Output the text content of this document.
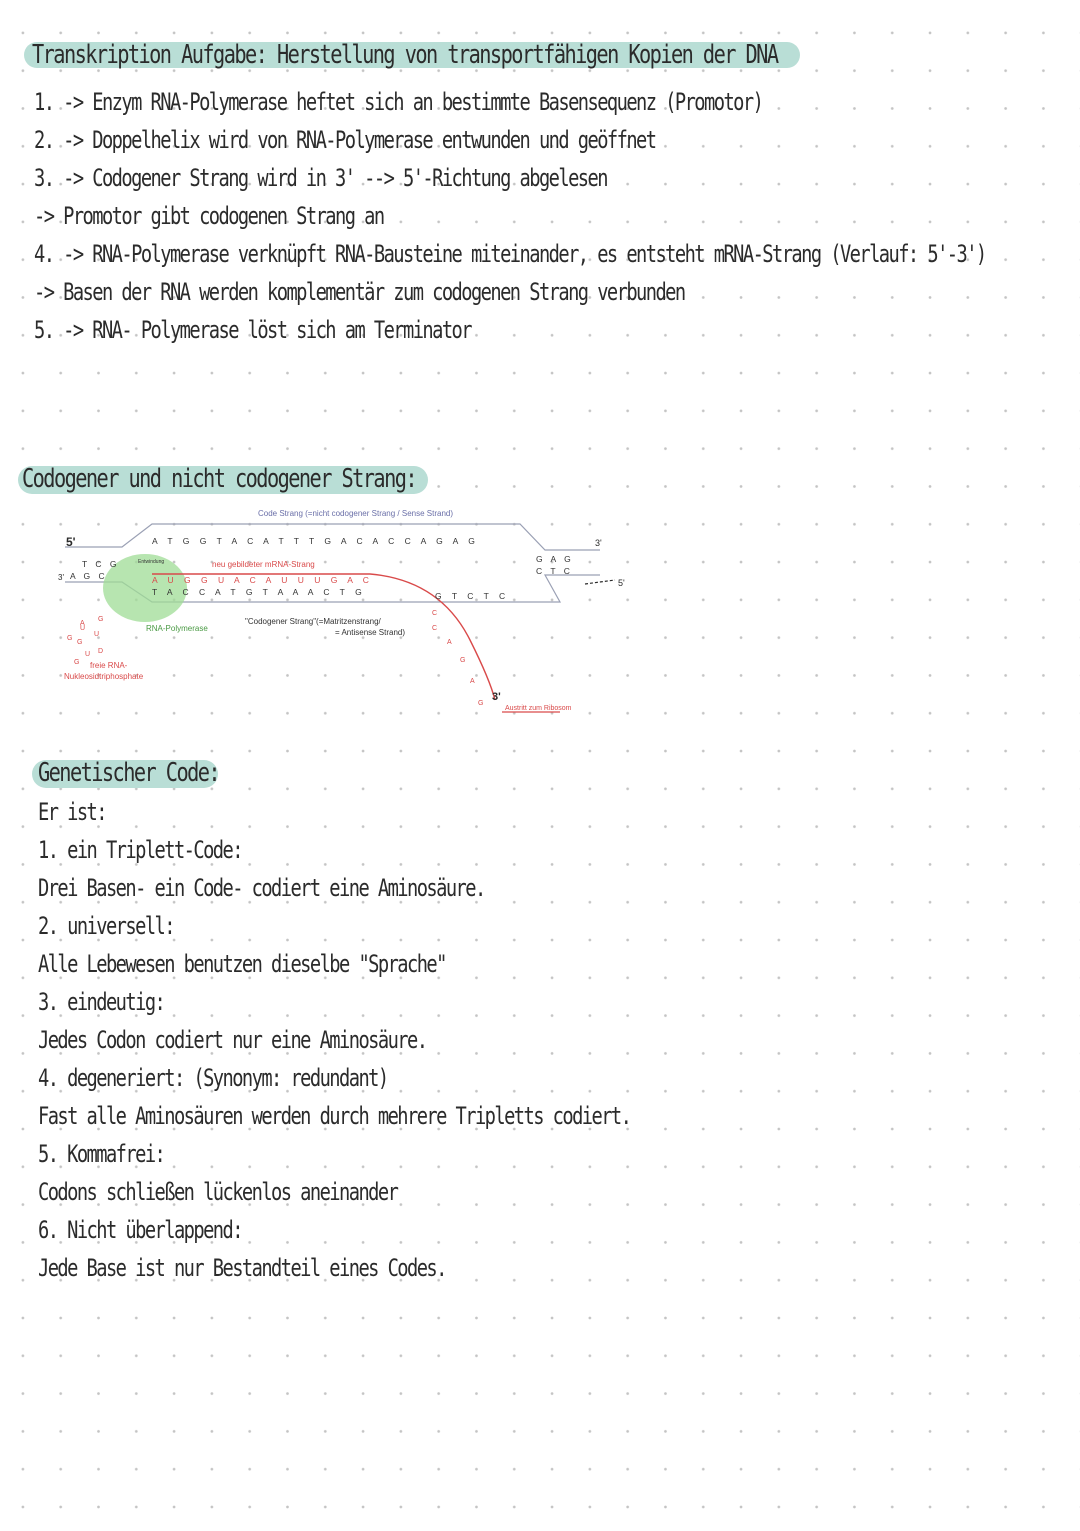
Transkription Aufgabe: Herstellung von transportfähigen Kopien der DNA

1. -> Enzym RNA-Polymerase heftet sich an bestimmte Basensequenz (Promotor)

2. -> Doppelhelix wird von RNA-Polymerase entwunden und geöffnet

3. -> Codogener Strang wird in 3' --> 5'-Richtung abgelesen

-> Promotor gibt codogenen Strang an

4. -> RNA-Polymerase verknüpft RNA-Bausteine miteinander, es entsteht mRNA-Strang (Verlauf: 5'-3')

-> Basen der RNA werden komplementär zum codogenen Strang verbunden

5. -> RNA- Polymerase löst sich am Terminator

Codogener und nicht codogener Strang:

Code Strang (=nicht codogener Strang / Sense Strand)
A T G G T A C A T T T G A C A C C A G A G
neu gebildeter mRNA-Strang
A U G G U A C A U U U G A C
T A C C A T G T A A A C T G	G T C T C
G A G
C T C
T C G
A G C
Entwindung
5'
3'
3'
5'
3'
"Codogener Strang"(=Matritzenstrang/
= Antisense Strand)
RNA-Polymerase
freie RNA-
Nukleosidtriphosphate
Austritt zum Ribosom
C
C
A
G
A
G
A
G
U
G
G
U
U
G
D

Genetischer Code:

Er ist:

1. ein Triplett-Code:

Drei Basen- ein Code- codiert eine Aminosäure.

2. universell:

Alle Lebewesen benutzen dieselbe "Sprache"

3. eindeutig:

Jedes Codon codiert nur eine Aminosäure.

4. degeneriert: (Synonym: redundant)

Fast alle Aminosäuren werden durch mehrere Tripletts codiert.

5. Kommafrei:

Codons schließen lückenlos aneinander

6. Nicht überlappend:

Jede Base ist nur Bestandteil eines Codes.
